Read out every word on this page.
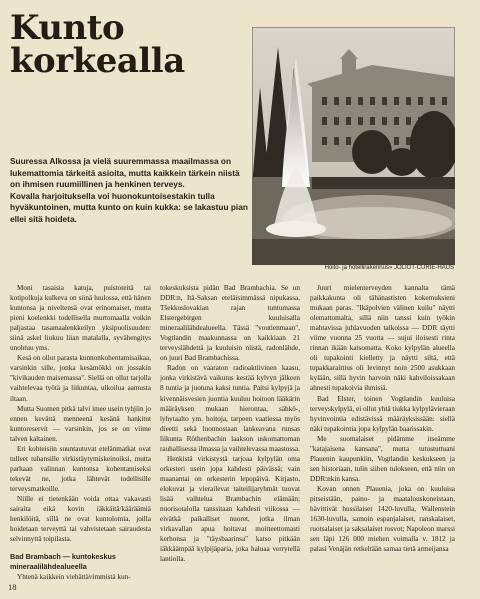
Kunto
korkealla

Suuressa Alkossa ja vielä suuremmassa maailmassa on lukemattomia tärkeitä asioita, mutta kaikkein tärkein niistä on ihmisen ruumiillinen ja henkinen terveys.

Kovalla harjoituksella voi huonokuntoisestakin tulla hyväkuntoinen, mutta kunto on kuin kukka: se lakastuu pian ellei sitä hoideta.

Hoito- ja hotellirakennus» JOLIOT-CURIE-HAUS

Moni tasaisia katuja, puistoteitä tai kotipolkuja kulkeva on siinä luulossa, että hänen kuntonsa ja niveltensä ovat erinomaiset, mutta pieni koelenkki todellisella murtomaalla voikin paljastaa tasamaalenkkeilyn yksipuolisuuden: siinä askel liukuu liian matalalla, syvähengitys unohtuu yms.

Kesä on ollut parasta kunnonkohentamisaikaa, varsinkin sille, jonka kesämökki on jossakin "kivikauden maisemassa". Siellä on ollut tarjolla vaihtelevaa työtä ja liikuntaa, ulkoilua aamusta iltaan.

Mutta Suomen pitkä talvi imee usein tyhjiin jo ennen kevättä menneenä kesänä hankitut kuntoreservit — varsinkin, jos se on viime talven kaltainen.

Eri kohteisiin suuntautuvat etelänmatkat ovat tulleet tuhansille virkistäytymiskeinoiksi, mutta parhaan valinnan kuntonsa kohentamiseksi tekevät ne, jotka lähtevät todellisille terveysmatkoille.

Niille ei tietenkään voida ottaa vakavasti sairaita eikä kovin iäkkäitä/kääräämiä henkilöitä, sillä ne ovat kuntolomia, joilla hoidetaan terveyttä tai vahvistetaan sairaudesta selvinnyttä toipilasta.

Bad Brambach — kuntokeskus mineraalilähdealueella

Yhtenä kaikkein viehättävimmistä kun-

tokeskuksista pidän Bad Brambachia. Se on DDR:n, Itä-Saksan eteläisimmässä nipukassa, Tšekkoslovakian rajan tuntumassa Elstergebirgen kuuluisalla mineraalilähdealueella. Tässä "voutienmaan", Vogtlandin maakunnassa on kaikkiaan 21 terveyslähdettä ja kuuluisin niistä, radonlähde, on juuri Bad Brambachissa.

Radon on vaaraton radioaktiivinen kaasu, jonka virkistävä vaikutus kestää kylvyn jälkeen 8 tuntia ja juotuna kaksi tuntia. Paitsi kylpyjä ja kivennäisvesien juontia kuuluu hoitoon lääkärin määräyksen mukaan hierontaa, sähkö-, lyhytaalto ym. hoitoja, tarpeen vaatiessa myös dieetti sekä luonnostaan lankeavana runsas liikunta Röthenbachin laakson uskomattoman rauhallisessa ilmassa ja vaihtelevassa maastossa.

Henkistä virkistystä tarjoaa kylpylän oma orkesteri usein jopa kahdesti päivässä; vain maanantai on orkesterin lepopäivä. Kirjasto, elokuvat ja vierailevat taiteilijaryhmät tuovat lisää vaihtelua Brambachin elämään; nuorisotalolla tanssitaan kahdesti viikossa — eivätkä paikalliset nuoret, jotka ilman virkavallan apua hoitavat moitteettomasti kerhonsa ja "täysbaarinsa" katso pitkään iäkkäämpää kylpijäparia, joka haluaa verrytellä lantiolla.

Juuri mielenterveyden kannalta tämä paikkakunta oli tähänastisten kokemuksieni mukaan paras. "Ikäpolvien välinen kuilu" näytti olemattomalta, sillä niin tanssi kuin työkin mahtavissa juhlavuoden talkoissa — DDR täytti viime vuonna 25 vuotta — sujui iloisesti rinta rinnan ikään katsomatta. Koko kylpylän alueella oli tupakointi kielletty ja näytti siltä, että tupakkaraittius oli levinnyt noin 2500 asukkaan kylään, sillä hyvin harvoin näki kahviloissakaan ahnesti tupakoivia ihmisiä.

Bad Elster, toinen Vogtlandin kuuluisa terveyskylpylä, ei ollut yhtä tiukka kylpylävieraan hyvinvointia edistävissä määräyksissään: siellä näki tupakointia jopa kylpylän baarissakin.

Me suomalaiset pidämme itseämme "katajaisena kansana", mutta tutustuttuani Plauenin kaupunkiin, Vogtlandin keskukseen ja sen historiaan, tulin siihen tulokseen, että niin on DDR:nkin kansa.

Kovan onnen Plauenia, joka on kuuluisa pitseistään, paino- ja maatalouskoneistaan, hävittivät hussilaiset 1420-luvulla, Wallenstein 1630-luvulla, samoin espanjalaiset, ranskalaiset, ruotsalaiset ja saksalaiset rosvot; Napoleon marssi sen läpi 126 000 miehen voimalla v. 1812 ja palasi Venäjän retkeltään samaa tietä armeijansa

18
